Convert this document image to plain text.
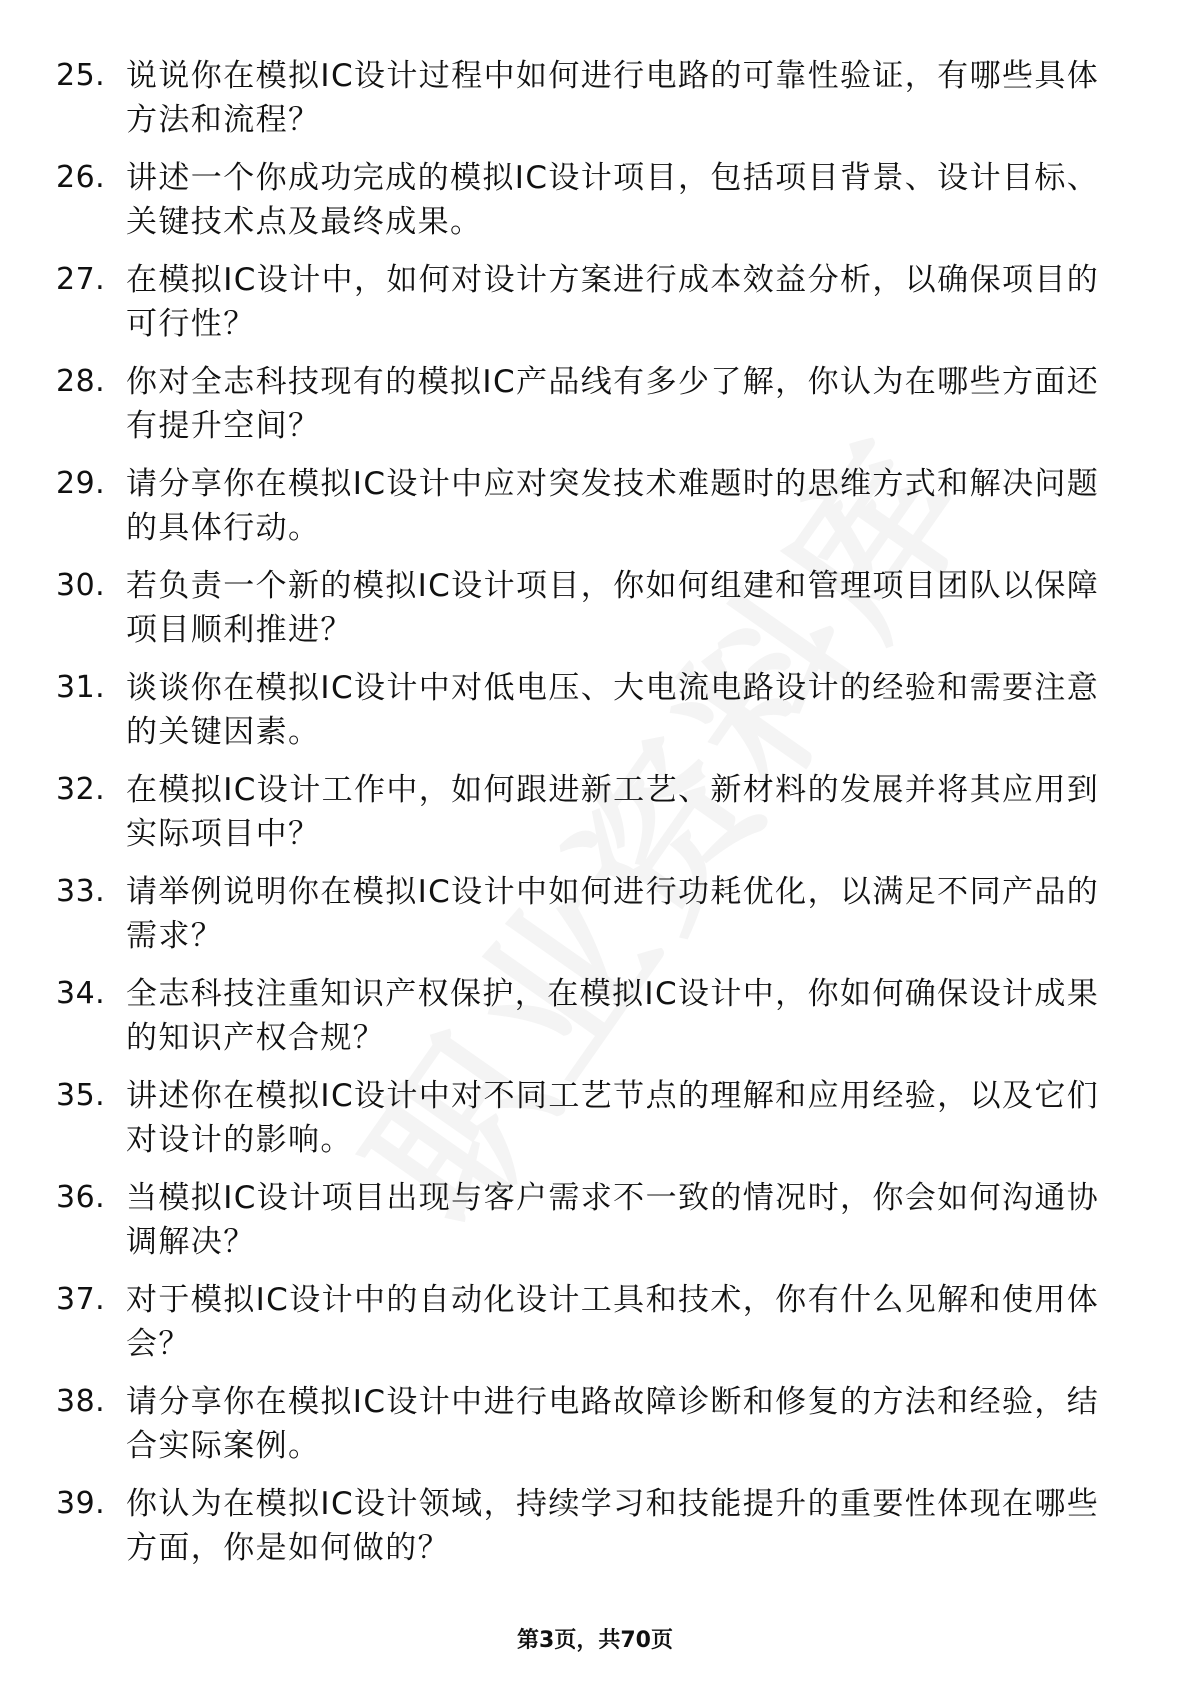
25. 说说你在模拟IC设计过程中如何进行电路的可靠性验证，有哪些具体方法和流程？
26. 讲述一个你成功完成的模拟IC设计项目，包括项目背景、设计目标、关键技术点及最终成果。
27. 在模拟IC设计中，如何对设计方案进行成本效益分析，以确保项目的可行性？
28. 你对全志科技现有的模拟IC产品线有多少了解，你认为在哪些方面还有提升空间？
29. 请分享你在模拟IC设计中应对突发技术难题时的思维方式和解决问题的具体行动。
30. 若负责一个新的模拟IC设计项目，你如何组建和管理项目团队以保障项目顺利推进？
31. 谈谈你在模拟IC设计中对低电压、大电流电路设计的经验和需要注意的关键因素。
32. 在模拟IC设计工作中，如何跟进新工艺、新材料的发展并将其应用到实际项目中？
33. 请举例说明你在模拟IC设计中如何进行功耗优化，以满足不同产品的需求？
34. 全志科技注重知识产权保护，在模拟IC设计中，你如何确保设计成果的知识产权合规？
35. 讲述你在模拟IC设计中对不同工艺节点的理解和应用经验，以及它们对设计的影响。
36. 当模拟IC设计项目出现与客户需求不一致的情况时，你会如何沟通协调解决？
37. 对于模拟IC设计中的自动化设计工具和技术，你有什么见解和使用体会？
38. 请分享你在模拟IC设计中进行电路故障诊断和修复的方法和经验，结合实际案例。
39. 你认为在模拟IC设计领域，持续学习和技能提升的重要性体现在哪些方面，你是如何做的？
第3页，共70页
